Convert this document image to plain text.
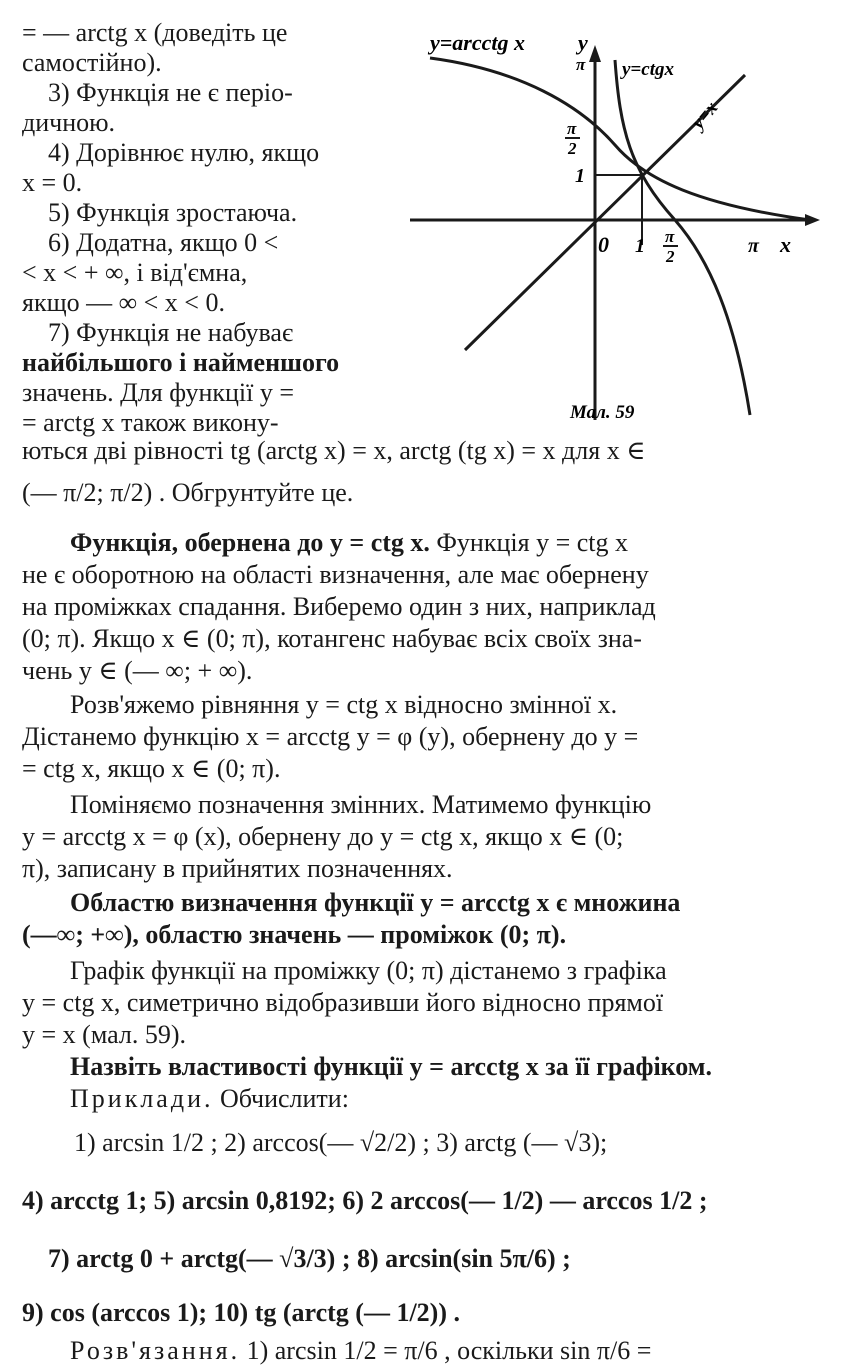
= — arctg x (доведіть це
самостійно).
3) Функція не є періо-
дичною.
4) Дорівнює нулю, якщо
x = 0.
5) Функція зростаюча.
6) Додатна, якщо 0 <
< x < + ∞, і від'ємна,
якщо — ∞ < x < 0.
7) Функція не набуває
найбільшого і найменшого
значень. Для функції y =
= arctg x також викону-
y=arcctg x
y=ctgx
y=x
y
x
π
π
2
1
0 1 π
2	π
Мал. 59
ються дві рівності tg (arctg x) = x, arctg (tg x) = x для x ∈
(— π/2; π/2) . Обгрунтуйте це.
Функція, обернена до y = ctg x. Функція y = ctg x
не є оборотною на області визначення, але має обернену
на проміжках спадання. Виберемо один з них, наприклад
(0; π). Якщо x ∈ (0; π), котангенс набуває всіх своїх зна-
чень y ∈ (— ∞; + ∞).
Розв'яжемо рівняння y = ctg x відносно змінної x.
Дістанемо функцію x = arcctg y = φ (y), обернену до y =
= ctg x, якщо x ∈ (0; π).
Поміняємо позначення змінних. Матимемо функцію
y = arcctg x = φ (x), обернену до y = ctg x, якщо x ∈ (0;
π), записану в прийнятих позначеннях.
Областю визначення функції y = arcctg x є множина
(—∞; +∞), областю значень — проміжок (0; π).
Графік функції на проміжку (0; π) дістанемо з графіка
y = ctg x, симетрично відобразивши його відносно прямої
y = x (мал. 59).
Назвіть властивості функції y = arcctg x за її графіком.
Приклади. Обчислити:
1) arcsin 1/2 ; 2) arccos(— √2/2) ; 3) arctg (— √3);
4) arcctg 1; 5) arcsin 0,8192; 6) 2 arccos(— 1/2) — arccos 1/2 ;
7) arctg 0 + arctg(— √3/3) ; 8) arcsin(sin 5π/6) ;
9) cos (arccos 1); 10) tg (arctg (— 1/2)) .
Розв'язання. 1) arcsin 1/2 = π/6 , оскільки sin π/6 =
